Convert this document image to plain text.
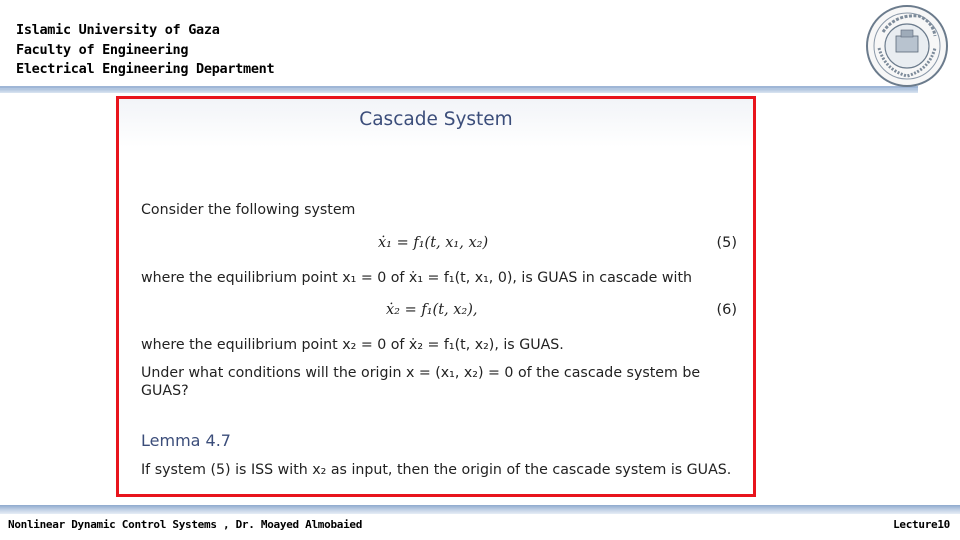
Islamic University of Gaza
Faculty of Engineering
Electrical Engineering Department
Cascade System
Consider the following system
ẋ₁ = f₁(t, x₁, x₂)	(5)
where the equilibrium point x₁ = 0 of ẋ₁ = f₁(t, x₁, 0), is GUAS in cascade with
ẋ₂ = f₁(t, x₂),	(6)
where the equilibrium point x₂ = 0 of ẋ₂ = f₁(t, x₂), is GUAS.
Under what conditions will the origin x = (x₁, x₂) = 0 of the cascade system be
GUAS?
Lemma 4.7
If system (5) is ISS with x₂ as input, then the origin of the cascade system is GUAS.
Nonlinear Dynamic Control Systems , Dr. Moayed Almobaied	Lecture10
